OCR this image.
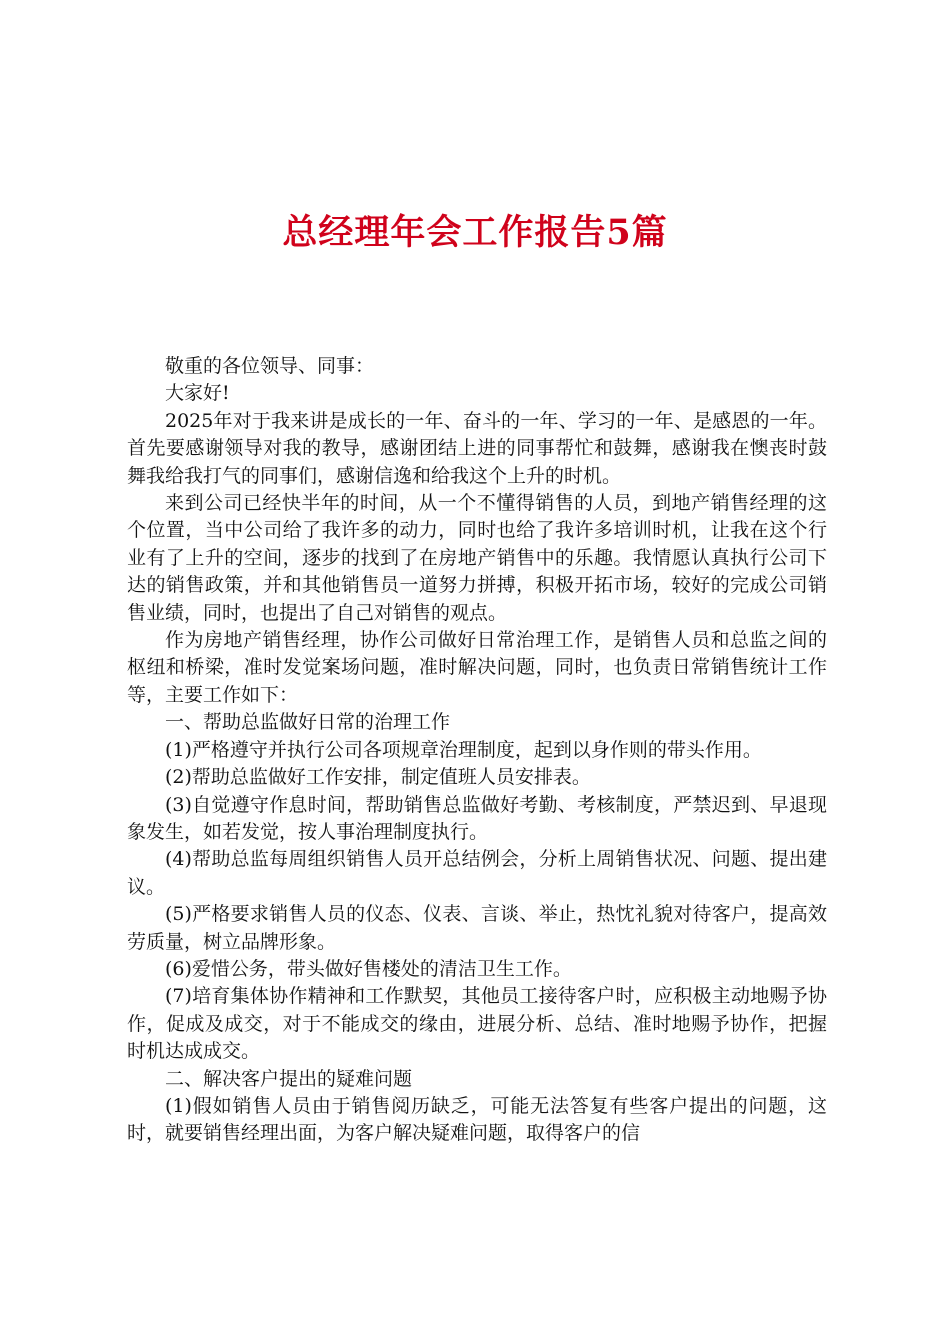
总经理年会工作报告5篇

敬重的各位领导、同事：

大家好!

2025年对于我来讲是成长的一年、奋斗的一年、学习的一年、是感恩的一年。首先要感谢领导对我的教导，感谢团结上进的同事帮忙和鼓舞，感谢我在懊丧时鼓舞我给我打气的同事们，感谢信逸和给我这个上升的时机。

来到公司已经快半年的时间，从一个不懂得销售的人员，到地产销售经理的这个位置，当中公司给了我许多的动力，同时也给了我许多培训时机，让我在这个行业有了上升的空间，逐步的找到了在房地产销售中的乐趣。我情愿认真执行公司下达的销售政策，并和其他销售员一道努力拼搏，积极开拓市场，较好的完成公司销售业绩，同时，也提出了自己对销售的观点。

作为房地产销售经理，协作公司做好日常治理工作，是销售人员和总监之间的枢纽和桥梁，准时发觉案场问题，准时解决问题，同时，也负责日常销售统计工作等，主要工作如下：

一、帮助总监做好日常的治理工作

(1)严格遵守并执行公司各项规章治理制度，起到以身作则的带头作用。

(2)帮助总监做好工作安排，制定值班人员安排表。

(3)自觉遵守作息时间，帮助销售总监做好考勤、考核制度，严禁迟到、早退现象发生，如若发觉，按人事治理制度执行。

(4)帮助总监每周组织销售人员开总结例会，分析上周销售状况、问题、提出建议。

(5)严格要求销售人员的仪态、仪表、言谈、举止，热忱礼貌对待客户，提高效劳质量，树立品牌形象。

(6)爱惜公务，带头做好售楼处的清洁卫生工作。

(7)培育集体协作精神和工作默契，其他员工接待客户时，应积极主动地赐予协作，促成及成交，对于不能成交的缘由，进展分析、总结、准时地赐予协作，把握时机达成成交。

二、解决客户提出的疑难问题

(1)假如销售人员由于销售阅历缺乏，可能无法答复有些客户提出的问题，这时，就要销售经理出面，为客户解决疑难问题，取得客户的信
